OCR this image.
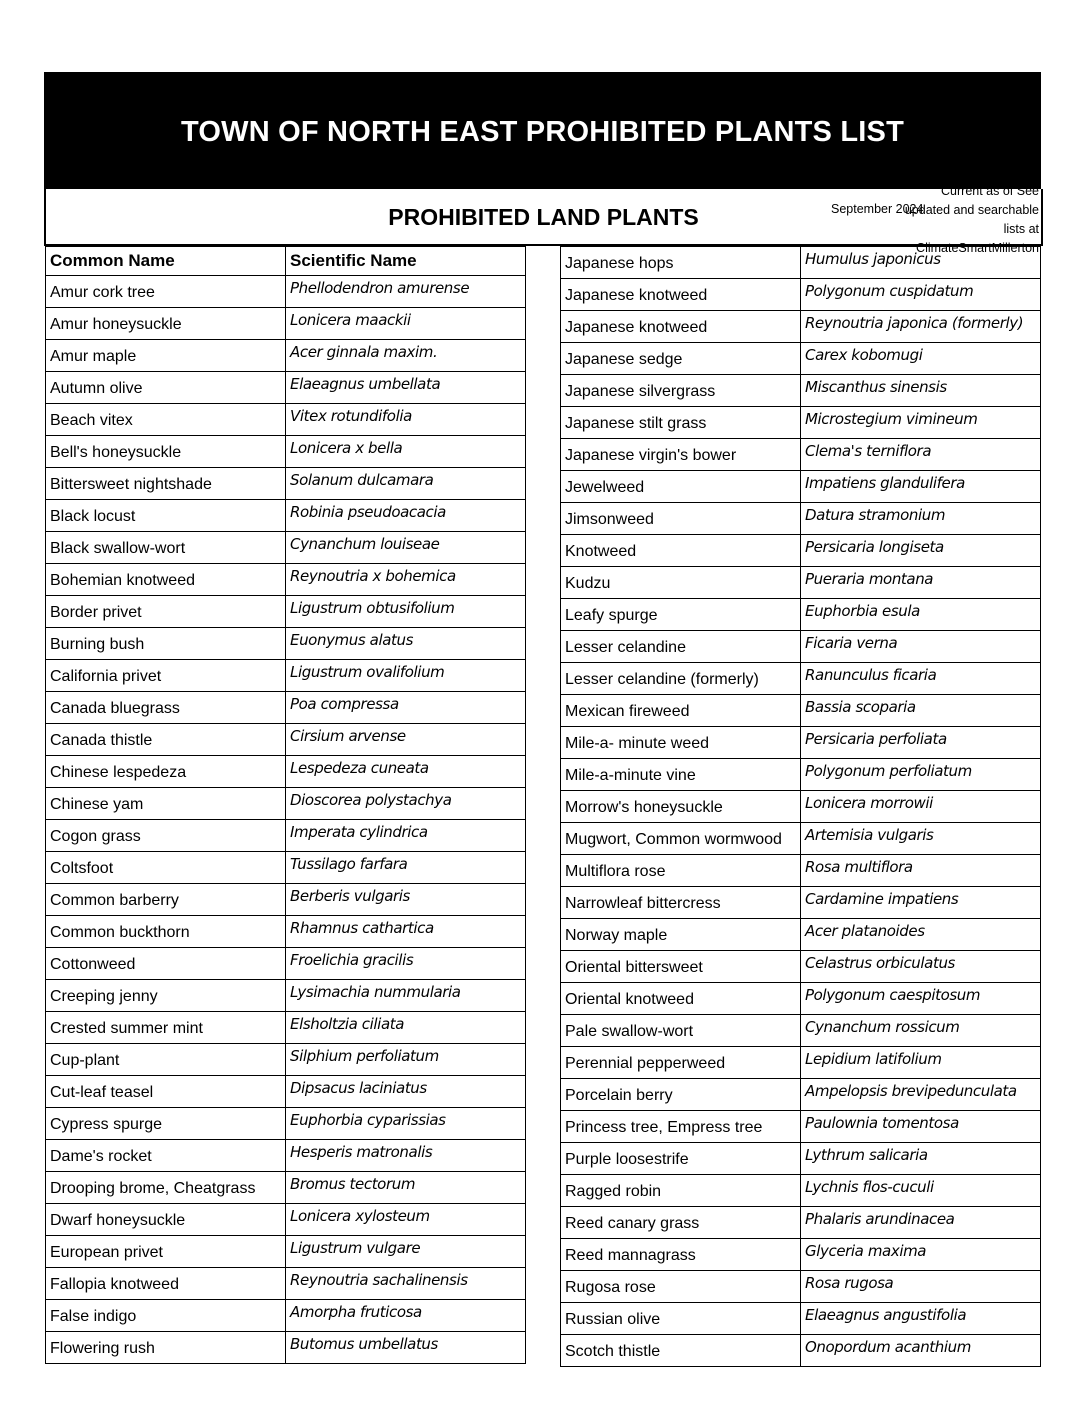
TOWN OF NORTH EAST PROHIBITED PLANTS LIST
PROHIBITED LAND PLANTS	September 2024
Current as of See updated and searchable lists at ClimateSmartMillerton
Common Name	Scientific Name
Amur cork tree	Phellodendron amurense
Amur honeysuckle	Lonicera maackii
Amur maple	Acer ginnala maxim.
Autumn olive	Elaeagnus umbellata
Beach vitex	Vitex rotundifolia
Bell's honeysuckle	Lonicera x bella
Bittersweet nightshade	Solanum dulcamara
Black locust	Robinia pseudoacacia
Black swallow-wort	Cynanchum louiseae
Bohemian knotweed	Reynoutria x bohemica
Border privet	Ligustrum obtusifolium
Burning bush	Euonymus alatus
California privet	Ligustrum ovalifolium
Canada bluegrass	Poa compressa
Canada thistle	Cirsium arvense
Chinese lespedeza	Lespedeza cuneata
Chinese yam	Dioscorea polystachya
Cogon grass	Imperata cylindrica
Coltsfoot	Tussilago farfara
Common barberry	Berberis vulgaris
Common buckthorn	Rhamnus cathartica
Cottonweed	Froelichia gracilis
Creeping jenny	Lysimachia nummularia
Crested summer mint	Elsholtzia ciliata
Cup-plant	Silphium perfoliatum
Cut-leaf teasel	Dipsacus laciniatus
Cypress spurge	Euphorbia cyparissias
Dame's rocket	Hesperis matronalis
Drooping brome, Cheatgrass	Bromus tectorum
Dwarf honeysuckle	Lonicera xylosteum
European privet	Ligustrum vulgare
Fallopia knotweed	Reynoutria sachalinensis
False indigo	Amorpha fruticosa
Flowering rush	Butomus umbellatus
Japanese hops	Humulus japonicus
Japanese knotweed	Polygonum cuspidatum
Japanese knotweed	Reynoutria japonica (formerly)
Japanese sedge	Carex kobomugi
Japanese silvergrass	Miscanthus sinensis
Japanese stilt grass	Microstegium vimineum
Japanese virgin's bower	Clema's terniflora
Jewelweed	Impatiens glandulifera
Jimsonweed	Datura stramonium
Knotweed	Persicaria longiseta
Kudzu	Pueraria montana
Leafy spurge	Euphorbia esula
Lesser celandine	Ficaria verna
Lesser celandine (formerly)	Ranunculus ficaria
Mexican fireweed	Bassia scoparia
Mile-a- minute weed	Persicaria perfoliata
Mile-a-minute vine	Polygonum perfoliatum
Morrow's honeysuckle	Lonicera morrowii
Mugwort, Common wormwood	Artemisia vulgaris
Multiflora rose	Rosa multiflora
Narrowleaf bittercress	Cardamine impatiens
Norway maple	Acer platanoides
Oriental bittersweet	Celastrus orbiculatus
Oriental knotweed	Polygonum caespitosum
Pale swallow-wort	Cynanchum rossicum
Perennial pepperweed	Lepidium latifolium
Porcelain berry	Ampelopsis brevipedunculata
Princess tree, Empress tree	Paulownia tomentosa
Purple loosestrife	Lythrum salicaria
Ragged robin	Lychnis flos-cuculi
Reed canary grass	Phalaris arundinacea
Reed mannagrass	Glyceria maxima
Rugosa rose	Rosa rugosa
Russian olive	Elaeagnus angustifolia
Scotch thistle	Onopordum acanthium
